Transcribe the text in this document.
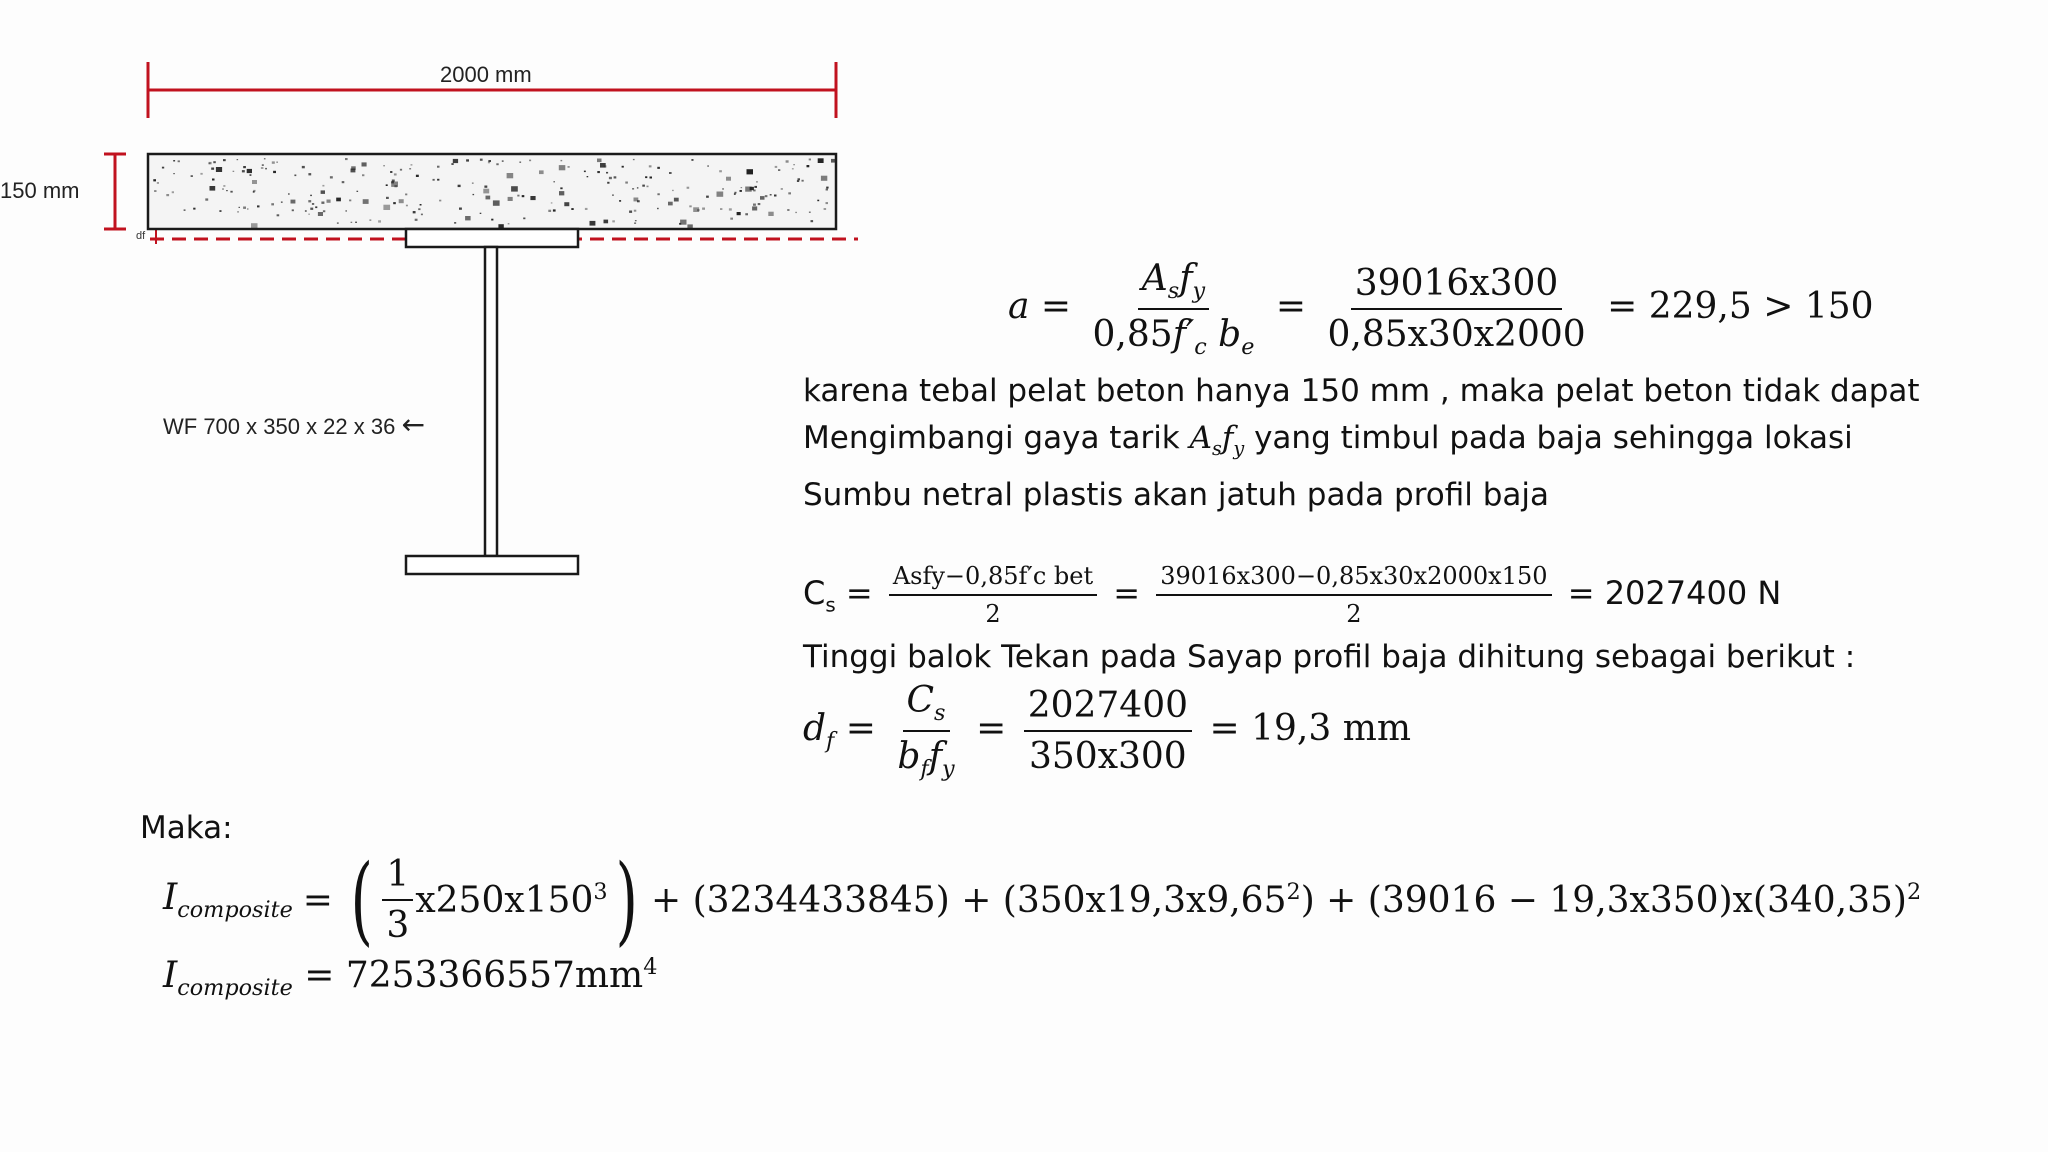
2000 mm
150 mm
df
WF 700 x 350 x 22 x 36 ←
$a = \frac{A_sf_y}{0,85f'_c b_e} = \frac{39016x300}{0,85x30x2000} = 229,5 > 150$
karena tebal pelat beton hanya 150 mm , maka pelat beton tidak dapat
Mengimbangi gaya tarik $A_sf_y$ yang timbul pada baja sehingga lokasi
Sumbu netral plastis akan jatuh pada profil baja
$C_s = \frac{\text{Asfy−0,85f′c bet}}{2} = \frac{39016x300-0,85x30x2000x150}{2} = 2027400$ N
Tinggi balok Tekan pada Sayap profil baja dihitung sebagai berikut :
$d_f = \frac{C_s}{b_ff_y} = \frac{2027400}{350x300} = 19,3$ mm
Maka:
$I_{composite}$ = ( $\frac{1}{3} x250x150^3$ ) + $(3234433845) + (350x19,3x9,65^2$ ) + $(39016 - 19,3x350)x(340,35)^2$
$I_{composite} = 7253366557mm^4$
